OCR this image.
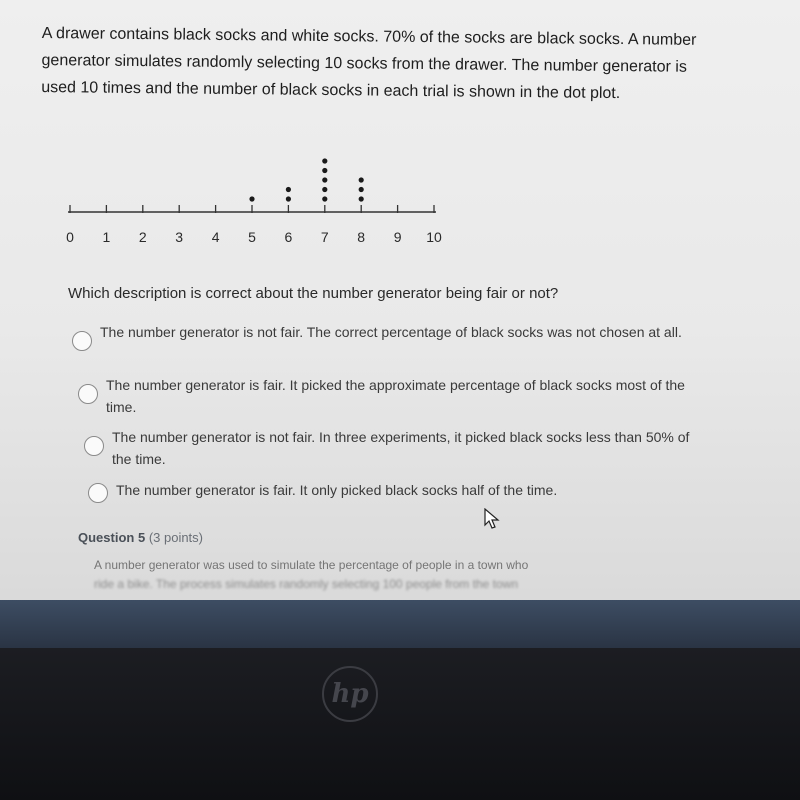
A drawer contains black socks and white socks. 70% of the socks are black socks. A number generator simulates randomly selecting 10 socks from the drawer. The number generator is used 10 times and the number of black socks in each trial is shown in the dot plot.
0 1 2 3 4 5 6 7 8 9 10
Which description is correct about the number generator being fair or not?
The number generator is not fair. The correct percentage of black socks was not chosen at all.
The number generator is fair. It picked the approximate percentage of black socks most of the time.
The number generator is not fair. In three experiments, it picked black socks less than 50% of the time.
The number generator is fair. It only picked black socks half of the time.
Question 5 (3 points)
A number generator was used to simulate the percentage of people in a town who
ride a bike. The process simulates randomly selecting 100 people from the town
hp
